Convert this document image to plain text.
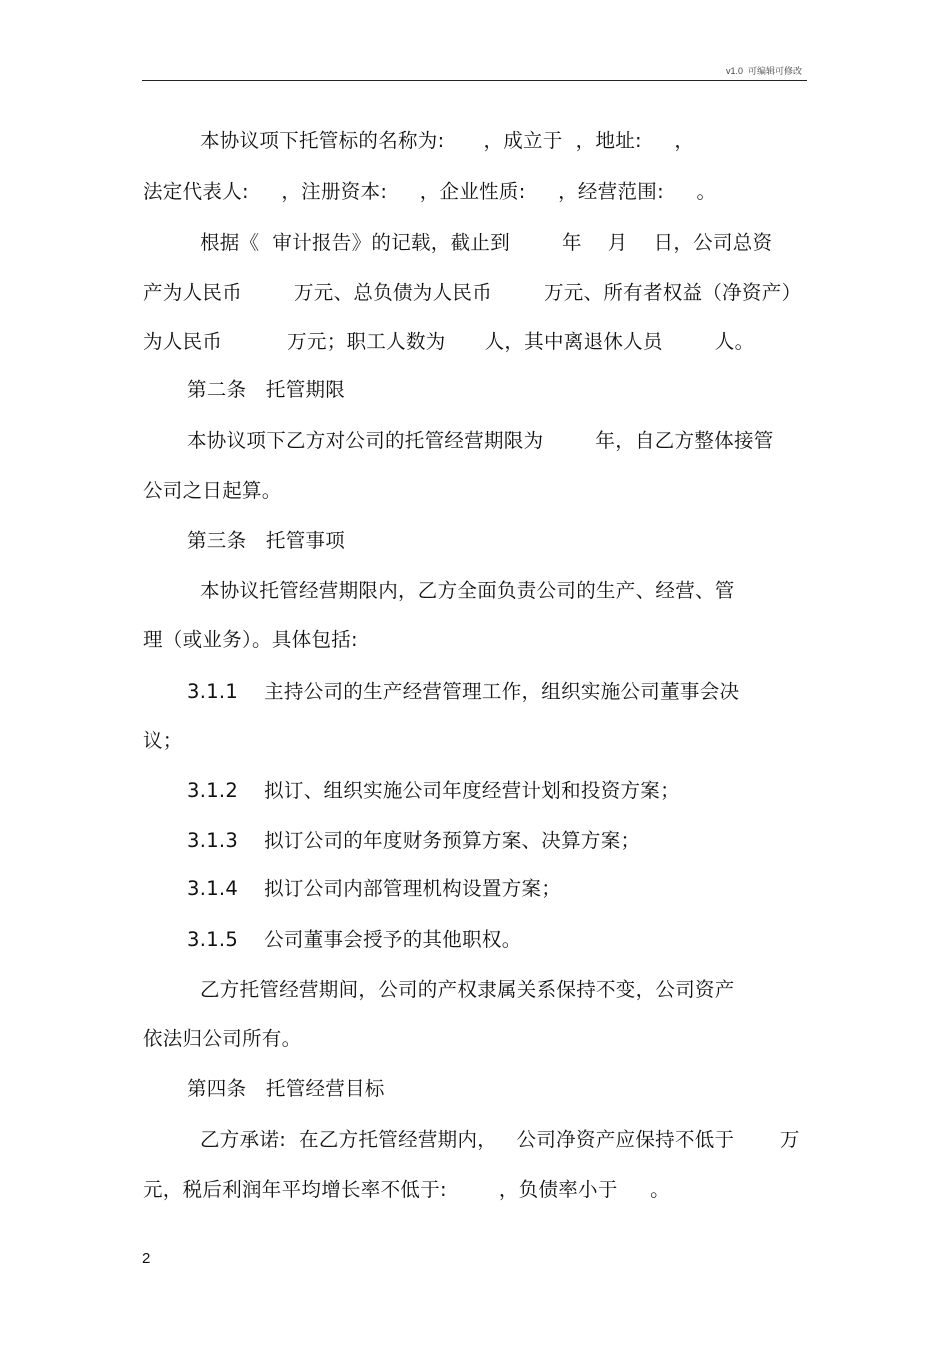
v1.0  可编辑可修改
本协议项下托管标的名称为:      ，成立于  ，地址:     ，
法定代表人:     ，注册资本:     ，企业性质:     ，经营范围:     。
根据《  审计报告》的记载，截止到        年    月    日，公司总资
产为人民币        万元、总负债为人民币        万元、所有者权益（净资产）
为人民币          万元；职工人数为      人，其中离退休人员        人。
第二条   托管期限
本协议项下乙方对公司的托管经营期限为        年，自乙方整体接管
公司之日起算。
第三条   托管事项
本协议托管经营期限内，乙方全面负责公司的生产、经营、管
理（或业务）。具体包括:
3.1.1    主持公司的生产经营管理工作，组织实施公司董事会决
议；
3.1.2    拟订、组织实施公司年度经营计划和投资方案；
3.1.3    拟订公司的年度财务预算方案、决算方案；
3.1.4    拟订公司内部管理机构设置方案；
3.1.5    公司董事会授予的其他职权。
乙方托管经营期间，公司的产权隶属关系保持不变，公司资产
依法归公司所有。
第四条   托管经营目标
乙方承诺:  在乙方托管经营期内，   公司净资产应保持不低于       万
元，税后利润年平均增长率不低于:        ，负债率小于     。
2
